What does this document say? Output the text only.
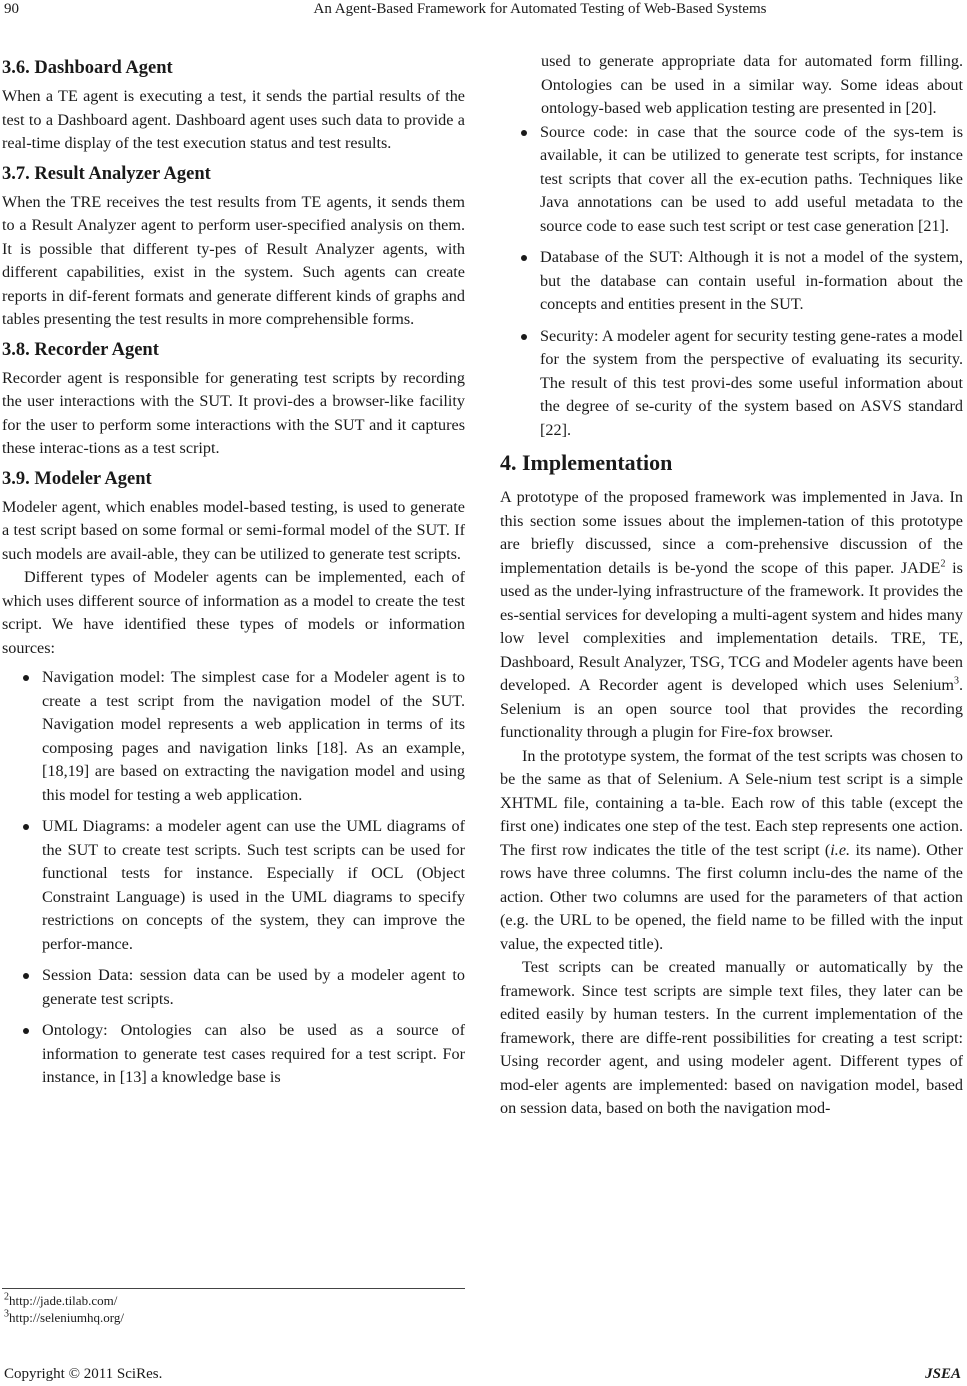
90	An Agent-Based Framework for Automated Testing of Web-Based Systems
3.6. Dashboard Agent

When a TE agent is executing a test, it sends the partial results of the test to a Dashboard agent. Dashboard agent uses such data to provide a real-time display of the test execution status and test results.

3.7. Result Analyzer Agent

When the TRE receives the test results from TE agents, it sends them to a Result Analyzer agent to perform user-specified analysis on them. It is possible that different ty-pes of Result Analyzer agents, with different capabilities, exist in the system. Such agents can create reports in dif-ferent formats and generate different kinds of graphs and tables presenting the test results in more comprehensible forms.

3.8. Recorder Agent

Recorder agent is responsible for generating test scripts by recording the user interactions with the SUT. It provi-des a browser-like facility for the user to perform some interactions with the SUT and it captures these interac-tions as a test script.

3.9. Modeler Agent

Modeler agent, which enables model-based testing, is used to generate a test script based on some formal or semi-formal model of the SUT. If such models are avail-able, they can be utilized to generate test scripts.

Different types of Modeler agents can be implemented, each of which uses different source of information as a model to create the test script. We have identified these types of models or information sources:

Navigation model: The simplest case for a Modeler agent is to create a test script from the navigation model of the SUT. Navigation model represents a web application in terms of its composing pages and navigation links [18]. As an example, [18,19] are based on extracting the navigation model and using this model for testing a web application.
UML Diagrams: a modeler agent can use the UML diagrams of the SUT to create test scripts. Such test scripts can be used for functional tests for instance. Especially if OCL (Object Constraint Language) is used in the UML diagrams to specify restrictions on concepts of the system, they can improve the perfor-mance.
Session Data: session data can be used by a modeler agent to generate test scripts.
Ontology: Ontologies can also be used as a source of information to generate test cases required for a test script. For instance, in [13] a knowledge base is
$^2$http://jade.tilab.com/
$^3$http://seleniumhq.org/

used to generate appropriate data for automated form filling. Ontologies can be used in a similar way. Some ideas about ontology-based web application testing are presented in [20].

Source code: in case that the source code of the sys-tem is available, it can be utilized to generate test scripts, for instance test scripts that cover all the ex-ecution paths. Techniques like Java annotations can be used to add useful metadata to the source code to ease such test script or test case generation [21].
Database of the SUT: Although it is not a model of the system, but the database can contain useful in-formation about the concepts and entities present in the SUT.
Security: A modeler agent for security testing gene-rates a model for the system from the perspective of evaluating its security. The result of this test provi-des some useful information about the degree of se-curity of the system based on ASVS standard [22].
4. Implementation

A prototype of the proposed framework was implemented in Java. In this section some issues about the implemen-tation of this prototype are briefly discussed, since a com-prehensive discussion of the implementation details is be-yond the scope of this paper. JADE$^2$ is used as the under-lying infrastructure of the framework. It provides the es-sential services for developing a multi-agent system and hides many low level complexities and implementation details. TRE, TE, Dashboard, Result Analyzer, TSG, TCG and Modeler agents have been developed. A Recorder agent is developed which uses Selenium$^3$. Selenium is an open source tool that provides the recording functionality through a plugin for Fire-fox browser.

In the prototype system, the format of the test scripts was chosen to be the same as that of Selenium. A Sele-nium test script is a simple XHTML file, containing a ta-ble. Each row of this table (except the first one) indicates one step of the test. Each step represents one action. The first row indicates the title of the test script (i.e. its name). Other rows have three columns. The first column inclu-des the name of the action. Other two columns are used for the parameters of that action (e.g. the URL to be opened, the field name to be filled with the input value, the expected title).

Test scripts can be created manually or automatically by the framework. Since test scripts are simple text files, they later can be edited easily by human testers. In the current implementation of the framework, there are diffe-rent possibilities for creating a test script: Using recorder agent, and using modeler agent. Different types of mod-eler agents are implemented: based on navigation model, based on session data, based on both the navigation mod-

Copyright © 2011 SciRes.	JSEA
